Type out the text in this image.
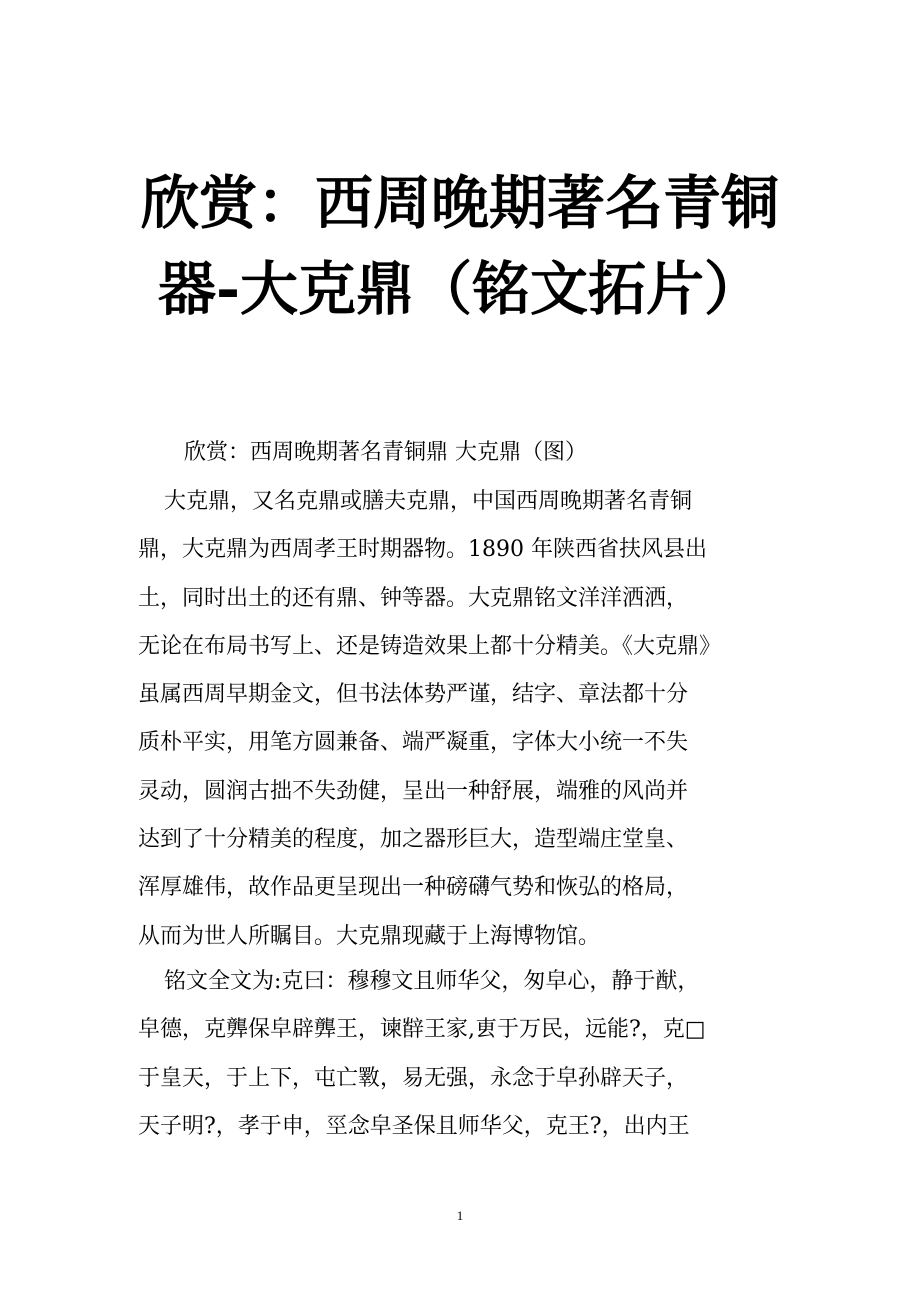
欣赏：西周晚期著名青铜
器-大克鼎（铭文拓片）
欣赏：西周晚期著名青铜鼎 大克鼎（图）
大克鼎，又名克鼎或膳夫克鼎，中国西周晚期著名青铜
鼎，大克鼎为西周孝王时期器物。1890 年陕西省扶风县出
土，同时出土的还有鼎、钟等器。大克鼎铭文洋洋洒洒，
无论在布局书写上、还是铸造效果上都十分精美。《大克鼎》
虽属西周早期金文，但书法体势严谨，结字、章法都十分
质朴平实，用笔方圆兼备、端严凝重，字体大小统一不失
灵动，圆润古拙不失劲健，呈出一种舒展，端雅的风尚并
达到了十分精美的程度，加之器形巨大，造型端庄堂皇、
浑厚雄伟，故作品更呈现出一种磅礴气势和恢弘的格局，
从而为世人所瞩目。大克鼎现藏于上海博物馆。
铭文全文为:克曰：穆穆文且师华父，匆皁心，静于猷，
皁德，克龏保皁辟龏王，谏辥王家,叀于万民，远能?，克□
于皇天，于上下，屯亡斁，易无强，永念于皁孙辟天子，
天子明?，孝于申，巠念皁圣保且师华父，克王?，出内王
1
